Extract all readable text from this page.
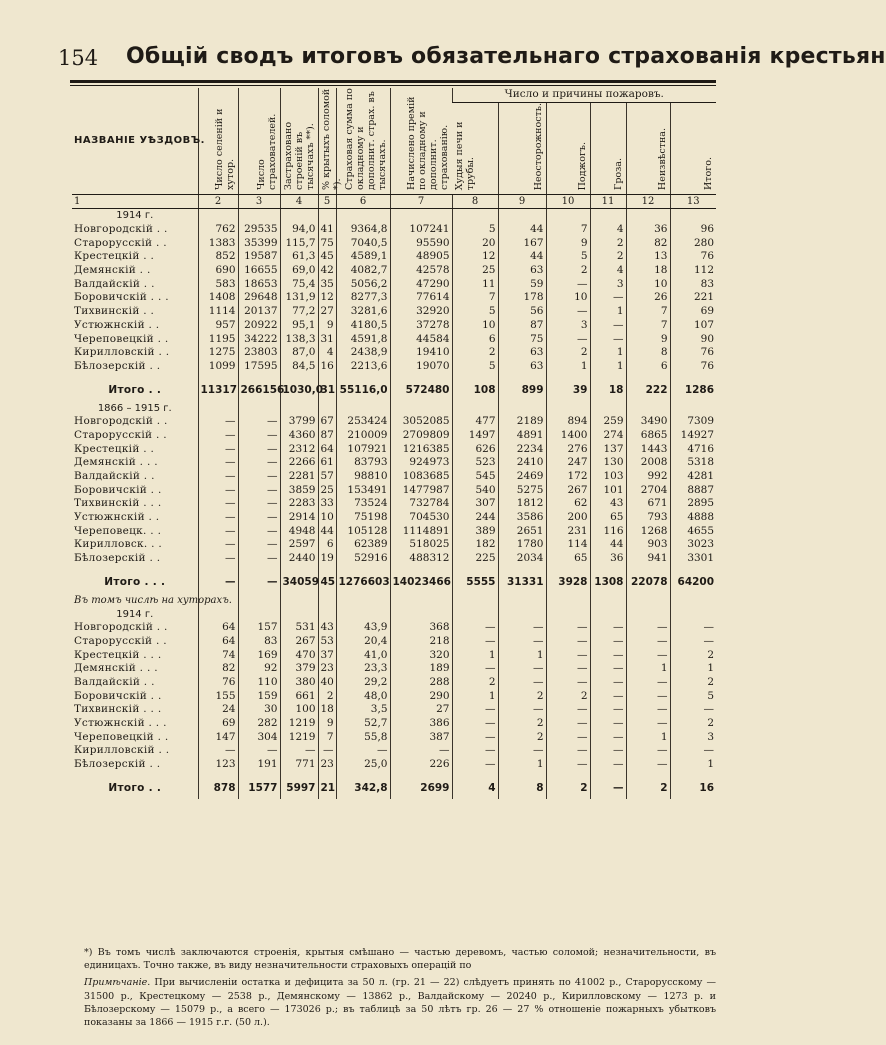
154 Общій сводъ итоговъ обязательнаго страхованія крестьян
НАЗВАНІЕ УѢЗДОВЪ.	Число селеній и хутор.	Число страхователей.	Застраховано строеній въ тысячахъ **).	% крытыхъ соломой *).	Страховая сумма по окладному и дополнит. страх. въ тысячахъ.	Начислено премій по окладному и дополнит. страхованію.	Число и причины пожаровъ.					
							Худыя печи и трубы.	Неосторожность.	Поджогъ.	Гроза.	Неизвѣстна.	Итого.
1	2	3	4	5	6	7	8	9	10	11	12	13
1914 г.												
Новгородскій . .	762	29535	94,0	41	9364,8	107241	5	44	7	4	36	96
Старорусскій . .	1383	35399	115,7	75	7040,5	95590	20	167	9	2	82	280
Крестецкій . .	852	19587	61,3	45	4589,1	48905	12	44	5	2	13	76
Демянскій . .	690	16655	69,0	42	4082,7	42578	25	63	2	4	18	112
Валдайскій . .	583	18653	75,4	35	5056,2	47290	11	59	—	3	10	83
Боровичскій . . .	1408	29648	131,9	12	8277,3	77614	7	178	10	—	26	221
Тихвинскій . .	1114	20137	77,2	27	3281,6	32920	5	56	—	1	7	69
Устюжнскій . .	957	20922	95,1	9	4180,5	37278	10	87	3	—	7	107
Череповецкій . .	1195	34222	138,3	31	4591,8	44584	6	75	—	—	9	90
Кирилловскій . .	1275	23803	87,0	4	2438,9	19410	2	63	2	1	8	76
Бѣлозерскій . .	1099	17595	84,5	16	2213,6	19070	5	63	1	1	6	76

Итого . .	11317	266156	1030,0	31	55116,0	572480	108	899	39	18	222	1286
1866 – 1915 г.												
Новгородскій . .	—	—	3799	67	253424	3052085	477	2189	894	259	3490	7309
Старорусскій . .	—	—	4360	87	210009	2709809	1497	4891	1400	274	6865	14927
Крестецкій . .	—	—	2312	64	107921	1216385	626	2234	276	137	1443	4716
Демянскій . . .	—	—	2266	61	83793	924973	523	2410	247	130	2008	5318
Валдайскій . .	—	—	2281	57	98810	1083685	545	2469	172	103	992	4281
Боровичскій . .	—	—	3859	25	153491	1477987	540	5275	267	101	2704	8887
Тихвинскій . . .	—	—	2283	33	73524	732784	307	1812	62	43	671	2895
Устюжнскій . .	—	—	2914	10	75198	704530	244	3586	200	65	793	4888
Череповецк. . .	—	—	4948	44	105128	1114891	389	2651	231	116	1268	4655
Кирилловск. . .	—	—	2597	6	62389	518025	182	1780	114	44	903	3023
Бѣлозерскій . .	—	—	2440	19	52916	488312	225	2034	65	36	941	3301

Итого . . .	—	—	34059	45	1276603	14023466	5555	31331	3928	1308	22078	64200
Въ томъ числѣ на хуторахъ.												
1914 г.												
Новгородскій . .	64	157	531	43	43,9	368	—	—	—	—	—	—
Старорусскій . .	64	83	267	53	20,4	218	—	—	—	—	—	—
Крестецкій . . .	74	169	470	37	41,0	320	1	1	—	—	—	2
Демянскій . . .	82	92	379	23	23,3	189	—	—	—	—	1	1
Валдайскій . .	76	110	380	40	29,2	288	2	—	—	—	—	2
Боровичскій . .	155	159	661	2	48,0	290	1	2	2	—	—	5
Тихвинскій . . .	24	30	100	18	3,5	27	—	—	—	—	—	—
Устюжнскій . . .	69	282	1219	9	52,7	386	—	2	—	—	—	2
Череповецкій . .	147	304	1219	7	55,8	387	—	2	—	—	1	3
Кирилловскій . .	—	—	—	—	—	—	—	—	—	—	—	—
Бѣлозерскій . .	123	191	771	23	25,0	226	—	1	—	—	—	1

Итого . .	878	1577	5997	21	342,8	2699	4	8	2	—	2	16

*) Въ томъ числѣ заключаются строенія, крытыя смѣшано — частью деревомъ, частью соломой; незначительности, въ единицахъ. Точно также, въ виду незначительности страховыхъ операцій по

Примѣчаніе. При вычисленіи остатка и дефицита за 50 л. (гр. 21 — 22) слѣдуетъ принять по 41002 р., Старорусскому — 31500 р., Крестецкому — 2538 р., Демянскому — 13862 р., Валдайскому — 20240 р., Кирилловскому — 1273 р. и Бѣлозерскому — 15079 р., а всего — 173026 р.; въ таблицѣ за 50 лѣтъ гр. 26 — 27 % отношеніе пожарныхъ убытковъ показаны за 1866 — 1915 г.г. (50 л.).
